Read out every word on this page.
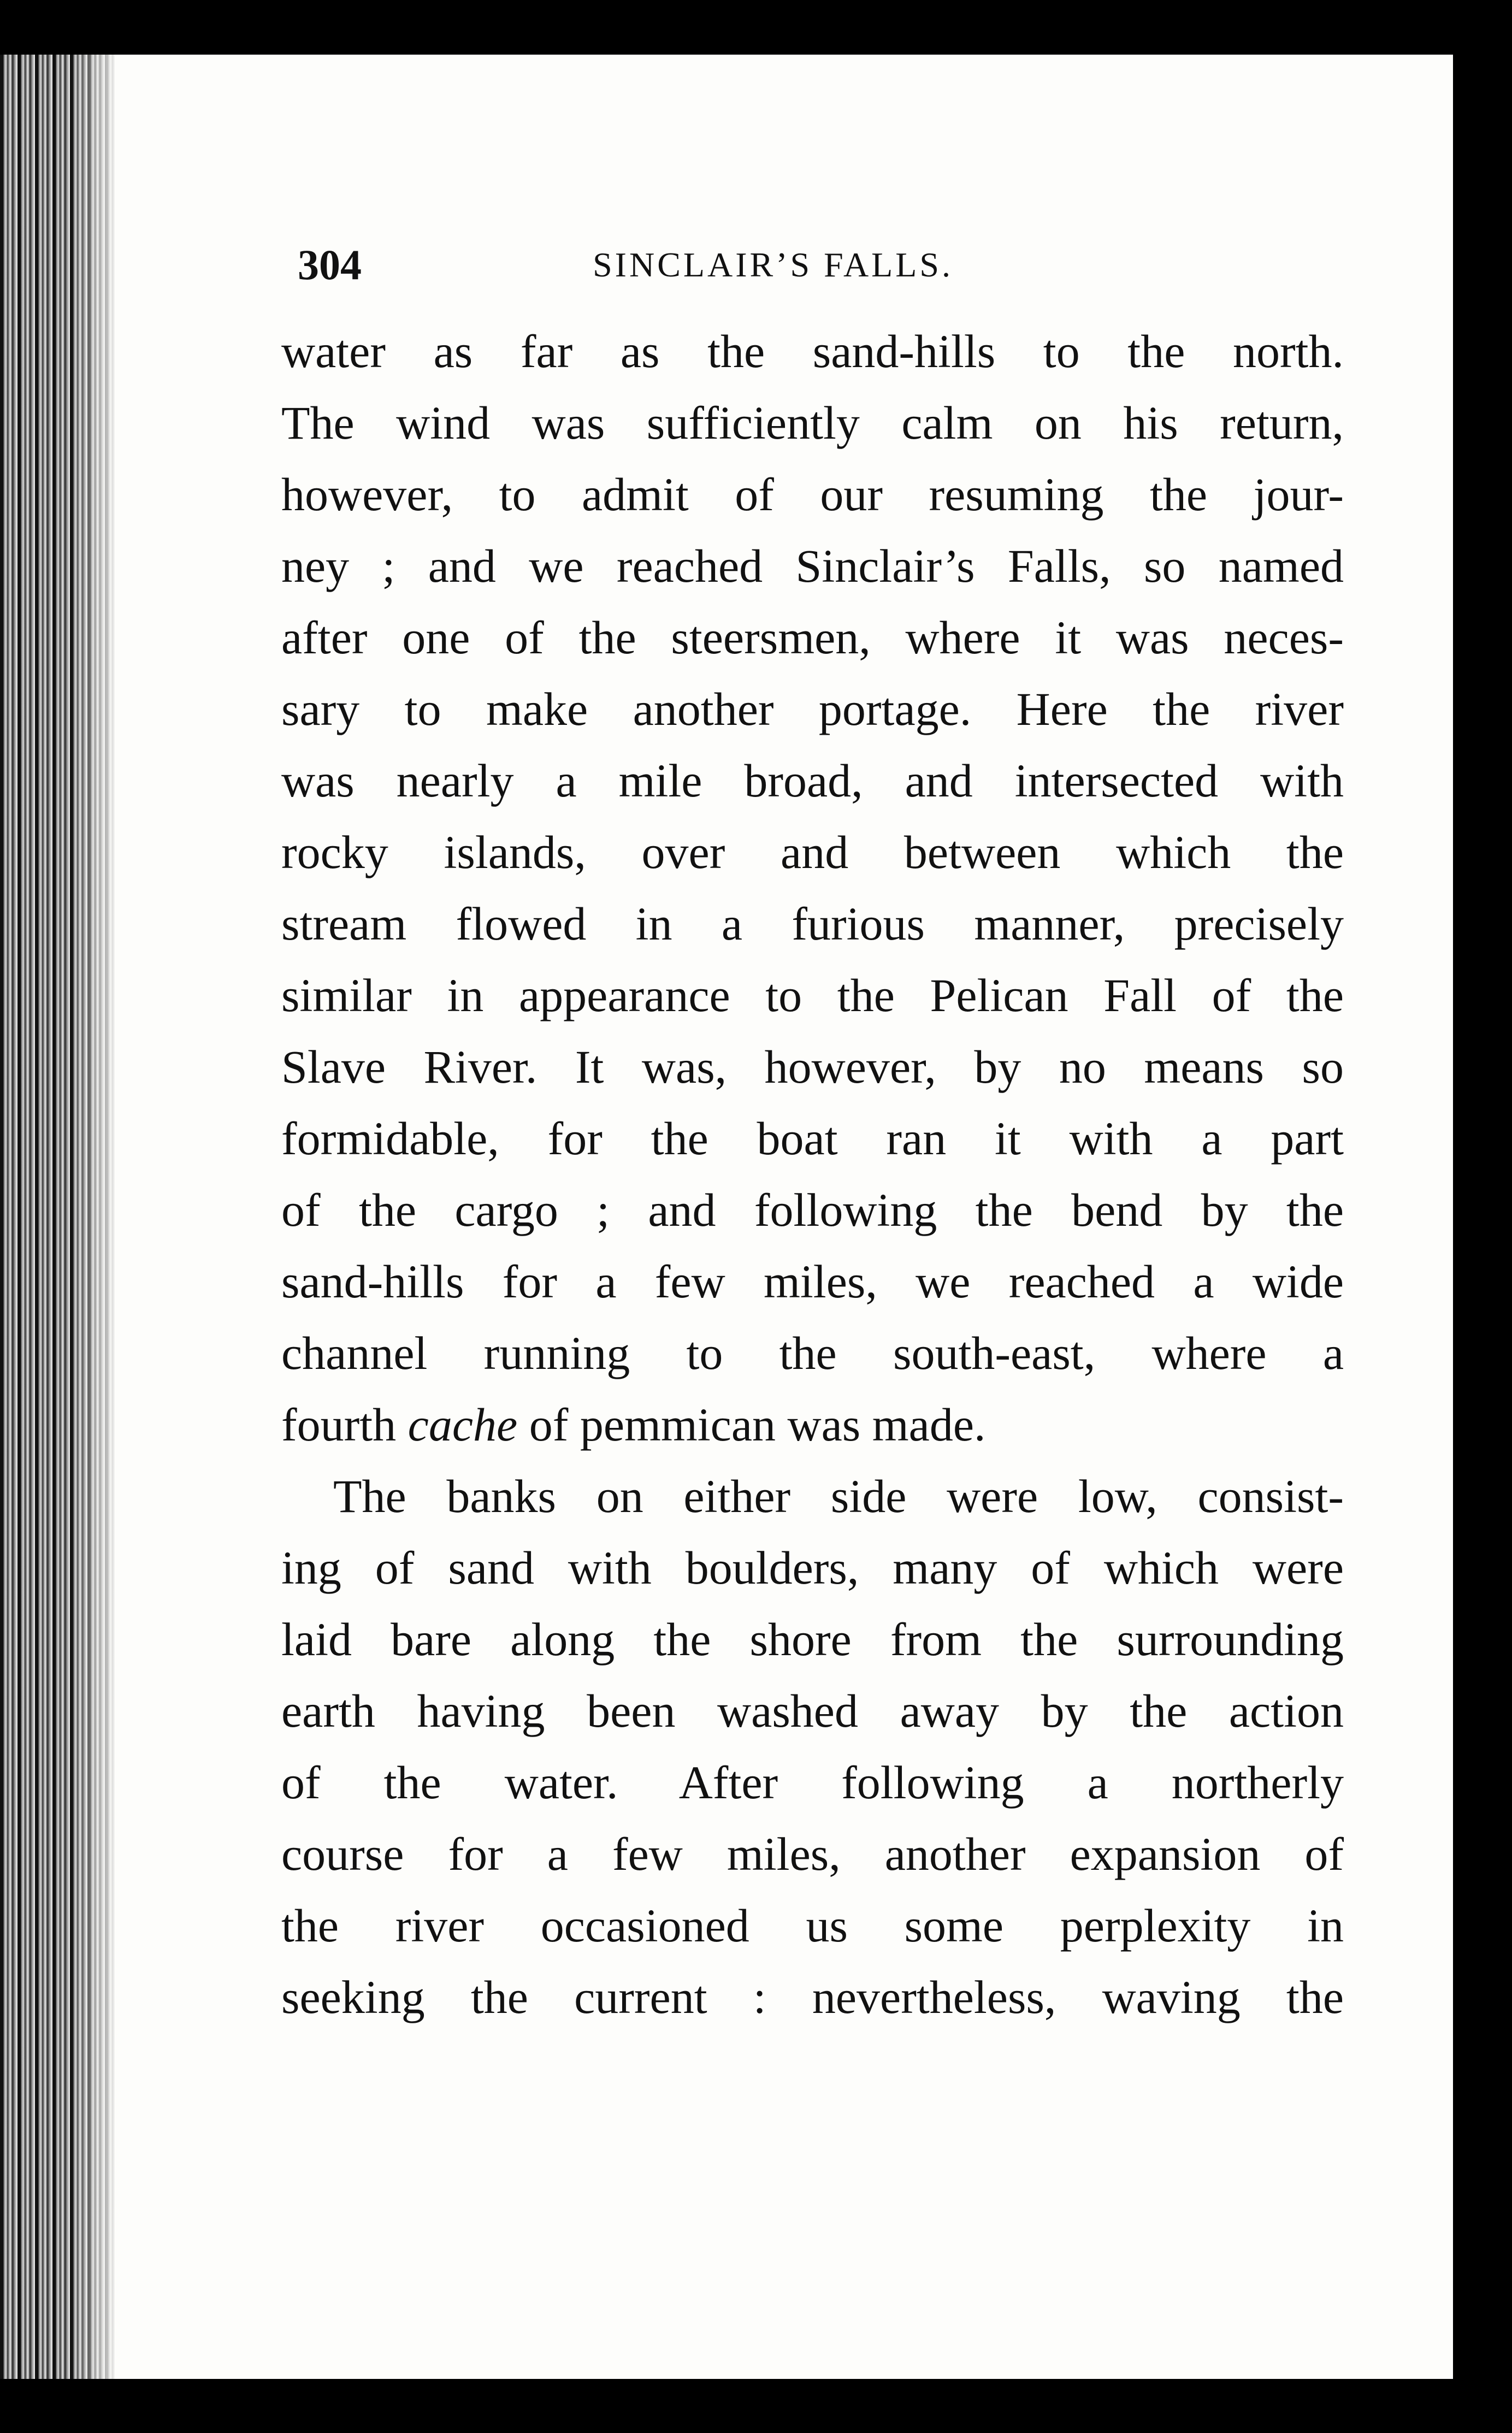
304	SINCLAIR’S FALLS.
water as far as the sand-hills to the north.
The wind was sufficiently calm on his return,
however, to admit of our resuming the jour-
ney ; and we reached Sinclair’s Falls, so named
after one of the steersmen, where it was neces-
sary to make another portage. Here the river
was nearly a mile broad, and intersected with
rocky islands, over and between which the
stream flowed in a furious manner, precisely
similar in appearance to the Pelican Fall of the
Slave River. It was, however, by no means so
formidable, for the boat ran it with a part
of the cargo ; and following the bend by the
sand-hills for a few miles, we reached a wide
channel running to the south-east, where a
fourth cache of pemmican was made.
The banks on either side were low, consist-
ing of sand with boulders, many of which were
laid bare along the shore from the surrounding
earth having been washed away by the action
of the water. After following a northerly
course for a few miles, another expansion of
the river occasioned us some perplexity in
seeking the current : nevertheless, waving the
